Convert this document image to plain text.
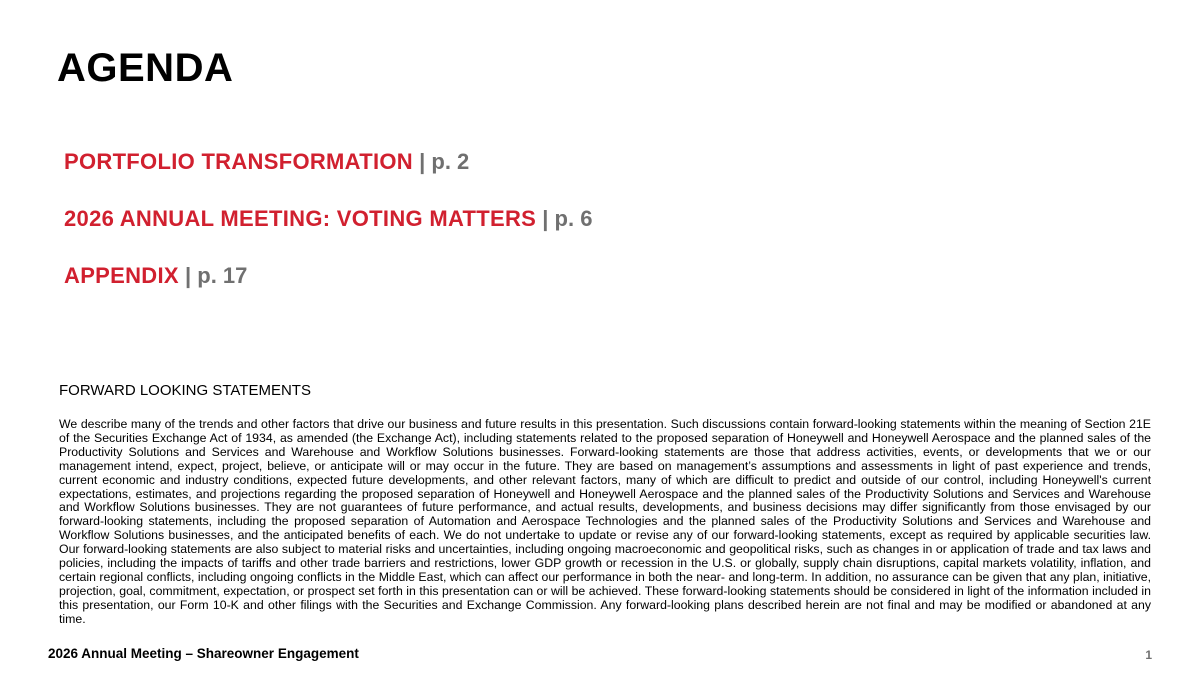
AGENDA
PORTFOLIO TRANSFORMATION | p. 2
2026 ANNUAL MEETING: VOTING MATTERS | p. 6
APPENDIX | p. 17
FORWARD LOOKING STATEMENTS

We describe many of the trends and other factors that drive our business and future results in this presentation. Such discussions contain forward-looking statements within the meaning of Section 21E of the Securities Exchange Act of 1934, as amended (the Exchange Act), including statements related to the proposed separation of Honeywell and Honeywell Aerospace and the planned sales of the Productivity Solutions and Services and Warehouse and Workflow Solutions businesses. Forward-looking statements are those that address activities, events, or developments that we or our management intend, expect, project, believe, or anticipate will or may occur in the future. They are based on management’s assumptions and assessments in light of past experience and trends, current economic and industry conditions, expected future developments, and other relevant factors, many of which are difficult to predict and outside of our control, including Honeywell's current expectations, estimates, and projections regarding the proposed separation of Honeywell and Honeywell Aerospace and the planned sales of the Productivity Solutions and Services and Warehouse and Workflow Solutions businesses. They are not guarantees of future performance, and actual results, developments, and business decisions may differ significantly from those envisaged by our forward-looking statements, including the proposed separation of Automation and Aerospace Technologies and the planned sales of the Productivity Solutions and Services and Warehouse and Workflow Solutions businesses, and the anticipated benefits of each. We do not undertake to update or revise any of our forward-looking statements, except as required by applicable securities law. Our forward-looking statements are also subject to material risks and uncertainties, including ongoing macroeconomic and geopolitical risks, such as changes in or application of trade and tax laws and policies, including the impacts of tariffs and other trade barriers and restrictions, lower GDP growth or recession in the U.S. or globally, supply chain disruptions, capital markets volatility, inflation, and certain regional conflicts, including ongoing conflicts in the Middle East, which can affect our performance in both the near- and long-term. In addition, no assurance can be given that any plan, initiative, projection, goal, commitment, expectation, or prospect set forth in this presentation can or will be achieved. These forward-looking statements should be considered in light of the information included in this presentation, our Form 10-K and other filings with the Securities and Exchange Commission. Any forward-looking plans described herein are not final and may be modified or abandoned at any time.

2026 Annual Meeting – Shareowner Engagement	1
